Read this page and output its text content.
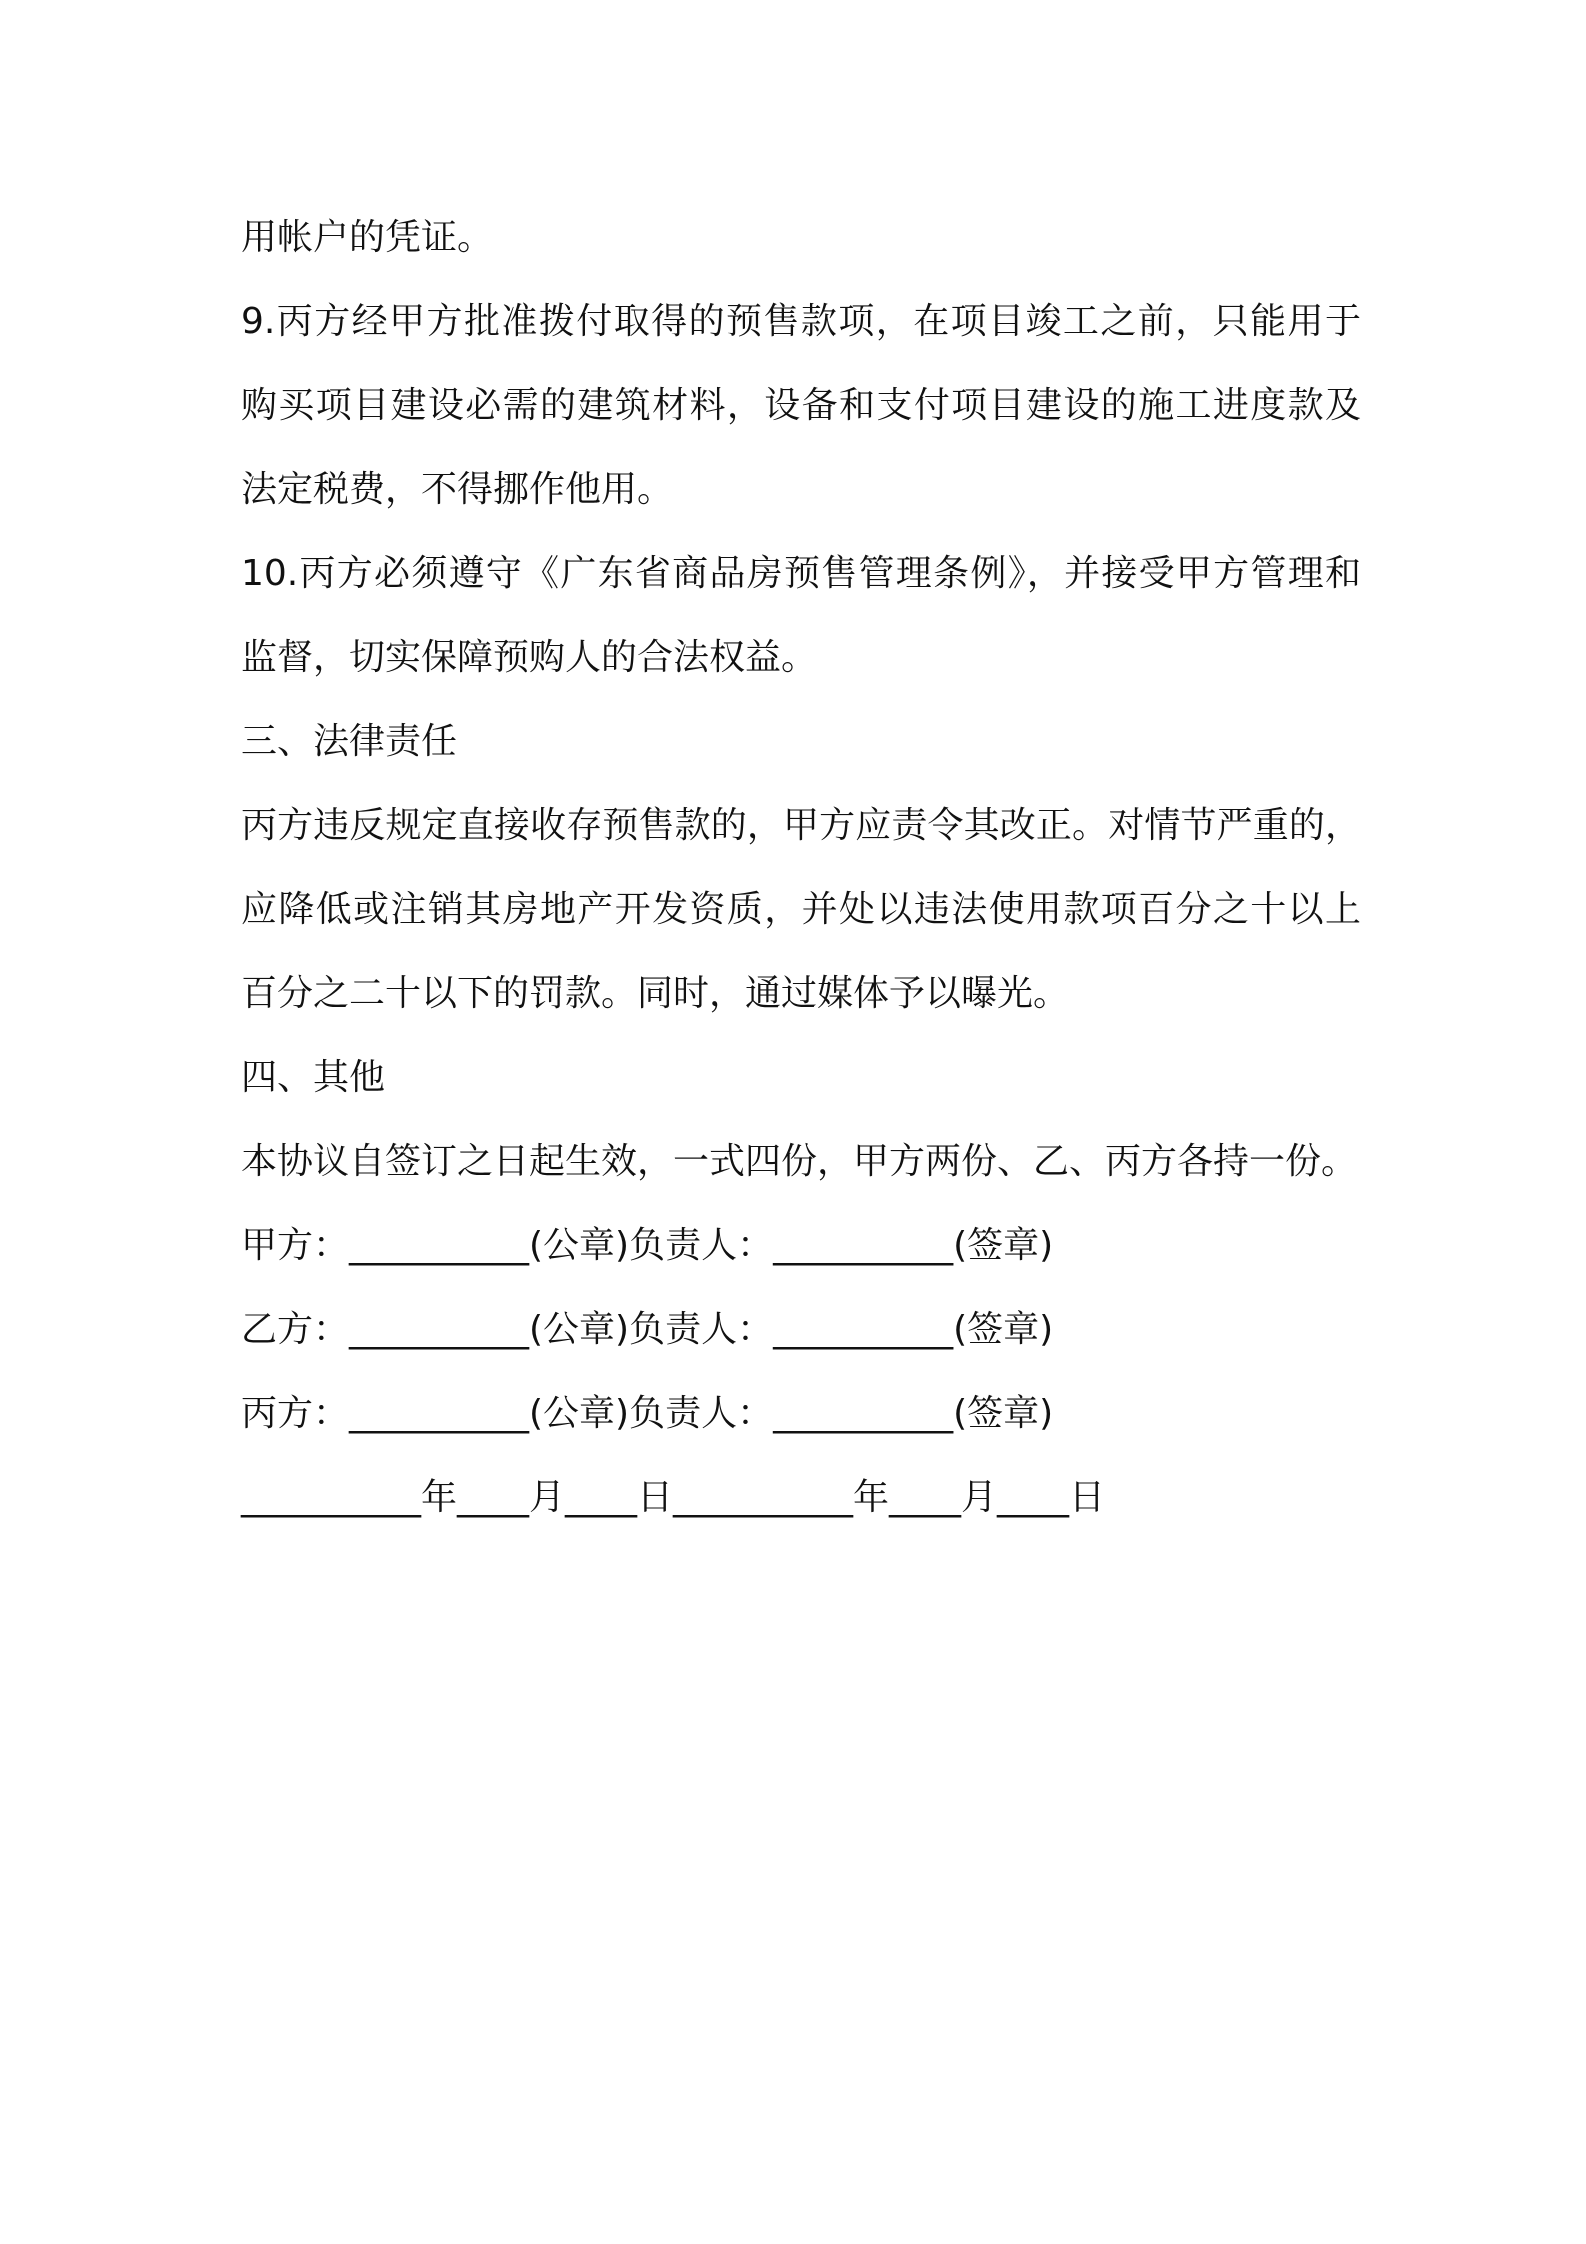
用帐户的凭证。
9.丙方经甲方批准拨付取得的预售款项，在项目竣工之前，只能用于
购买项目建设必需的建筑材料，设备和支付项目建设的施工进度款及
法定税费，不得挪作他用。
10.丙方必须遵守《广东省商品房预售管理条例》，并接受甲方管理和
监督，切实保障预购人的合法权益。
三、法律责任
丙方违反规定直接收存预售款的，甲方应责令其改正。对情节严重的，
应降低或注销其房地产开发资质，并处以违法使用款项百分之十以上
百分之二十以下的罚款。同时，通过媒体予以曝光。
四、其他
本协议自签订之日起生效，一式四份，甲方两份、乙、丙方各持一份。
甲方：__________(公章)负责人：__________(签章)
乙方：__________(公章)负责人：__________(签章)
丙方：__________(公章)负责人：__________(签章)
__________年____月____日__________年____月____日
